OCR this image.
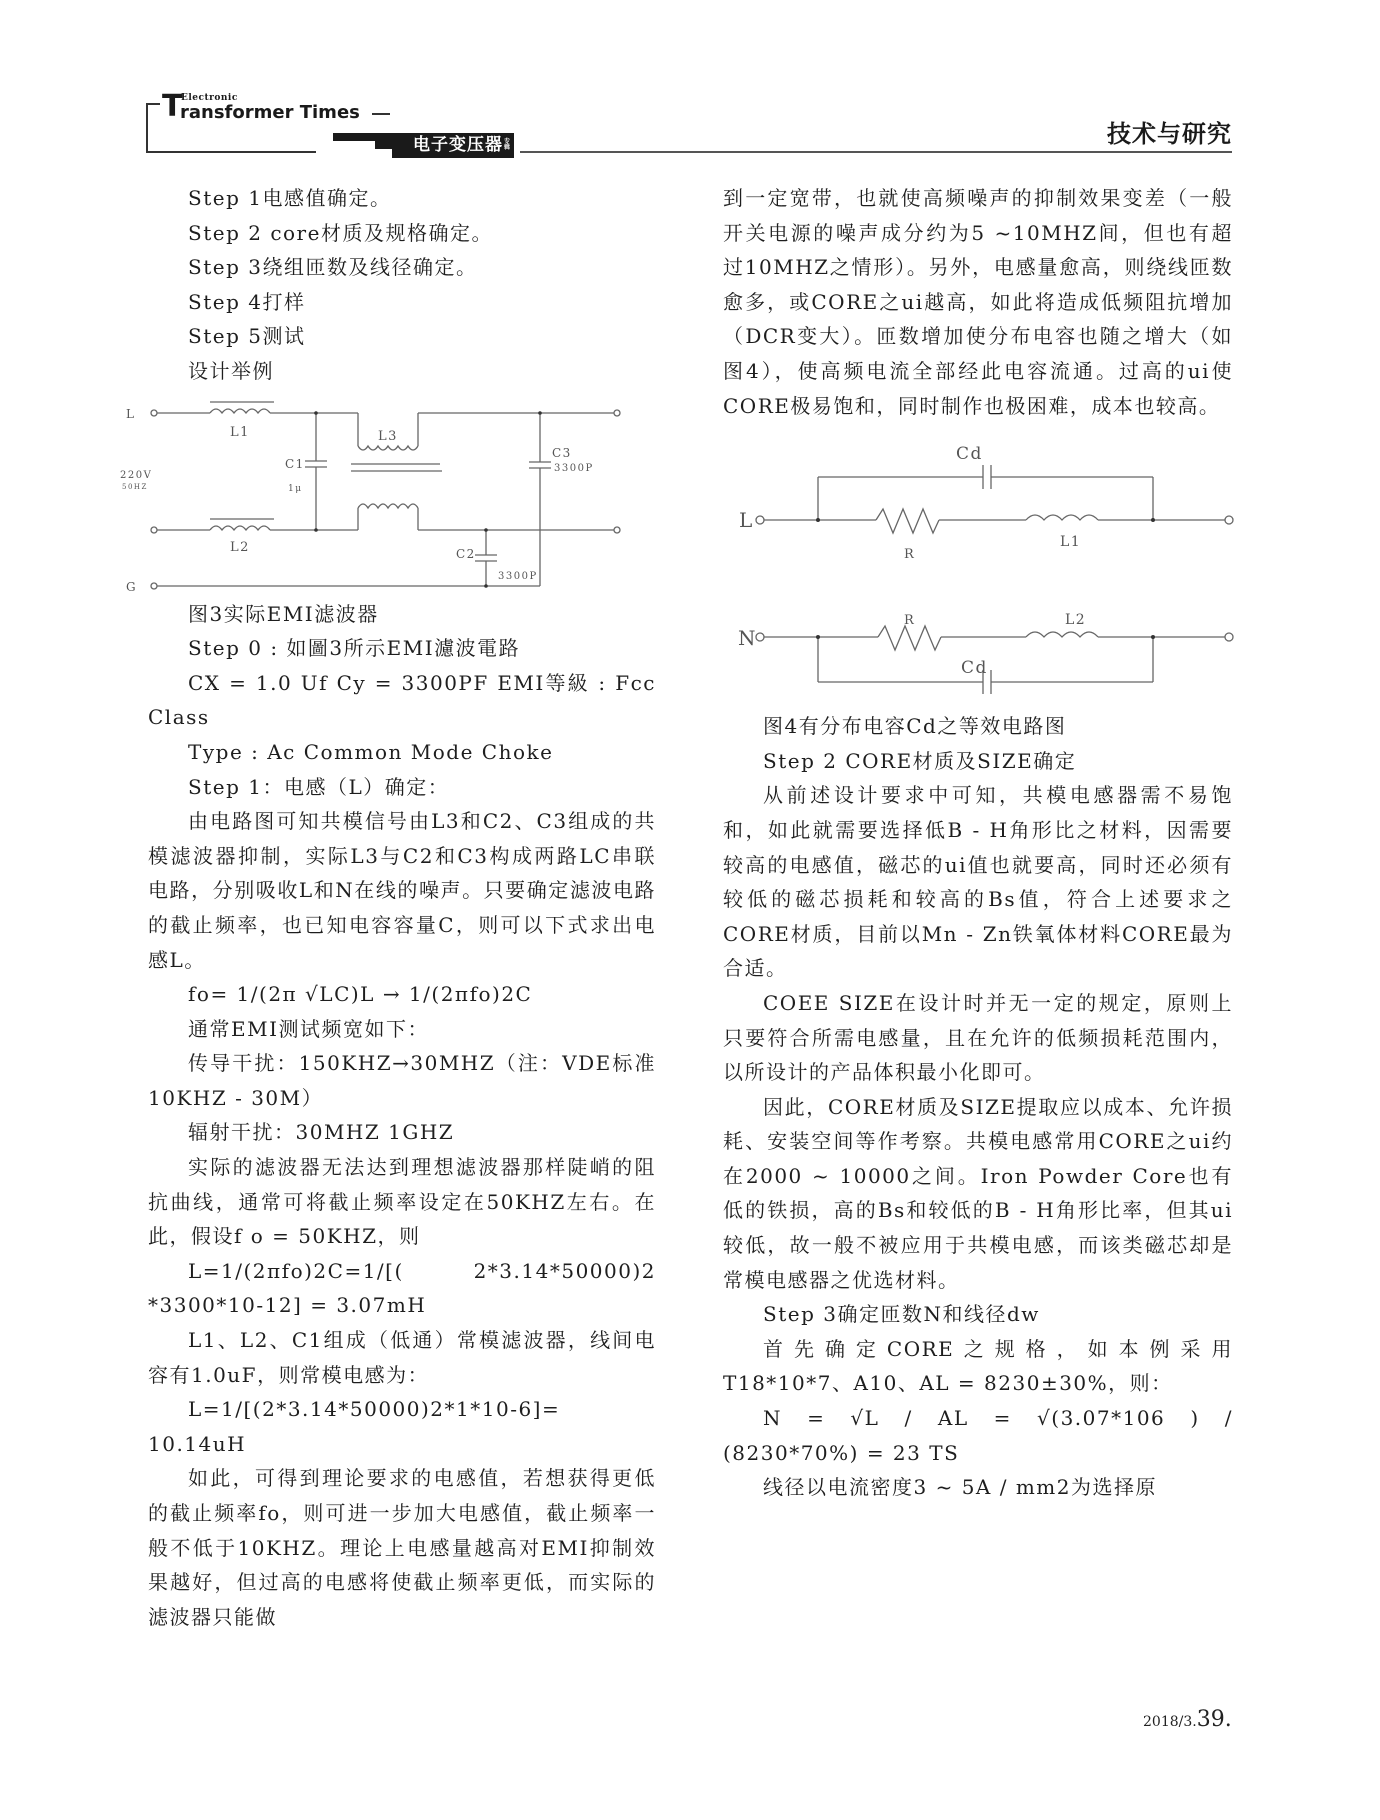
T
Electronic
ransformer Times
电子变压器专辑	技术与研究

Step 1电感值确定。

Step 2 core材质及规格确定。

Step 3绕组匝数及线径确定。

Step 4打样

Step 5测试

设计举例

L
G
220V
50HZ
L1
L2
L3
C1
1μ
C3
3300P
C2
3300P

图3实际EMI滤波器

Step 0 : 如圖3所示EMI濾波電路

CX = 1.0 Uf Cy = 3300PF EMI等級 : Fcc Class

Type : Ac Common Mode Choke

Step 1：电感（L）确定：

由电路图可知共模信号由L3和C2、C3组成的共模滤波器抑制，实际L3与C2和C3构成两路LC串联电路，分别吸收L和N在线的噪声。只要确定滤波电路的截止频率，也已知电容容量C，则可以下式求出电感L。

fo= 1/(2π √LC)L → 1/(2πfo)2C

通常EMI测试频宽如下：

传导干扰：150KHZ→30MHZ（注：VDE标准10KHZ - 30M）

辐射干扰：30MHZ 1GHZ

实际的滤波器无法达到理想滤波器那样陡峭的阻抗曲线，通常可将截止频率设定在50KHZ左右。在此，假设f o = 50KHZ，则

L=1/(2πfo)2C=1/[( 2*3.14*50000)2 *3300*10-12] = 3.07mH

L1、L2、C1组成（低通）常模滤波器，线间电容有1.0uF，则常模电感为：

L=1/[(2*3.14*50000)2*1*10-6]= 10.14uH

如此，可得到理论要求的电感值，若想获得更低的截止频率fo，则可进一步加大电感值，截止频率一般不低于10KHZ。理论上电感量越高对EMI抑制效果越好，但过高的电感将使截止频率更低，而实际的滤波器只能做

到一定宽带，也就使高频噪声的抑制效果变差（一般开关电源的噪声成分约为5 ~10MHZ间，但也有超过10MHZ之情形）。另外，电感量愈高，则绕线匝数愈多，或CORE之ui越高，如此将造成低频阻抗增加（DCR变大）。匝数增加使分布电容也随之增大（如图4），使高频电流全部经此电容流通。过高的ui使CORE极易饱和，同时制作也极困难，成本也较高。

L
N
Cd
Cd
R
R
L1
L2

图4有分布电容Cd之等效电路图

Step 2 CORE材质及SIZE确定

从前述设计要求中可知，共模电感器需不易饱和，如此就需要选择低B - H角形比之材料，因需要较高的电感值，磁芯的ui值也就要高，同时还必须有较低的磁芯损耗和较高的Bs值，符合上述要求之CORE材质，目前以Mn - Zn铁氧体材料CORE最为合适。

COEE SIZE在设计时并无一定的规定，原则上只要符合所需电感量，且在允许的低频损耗范围内，以所设计的产品体积最小化即可。

因此，CORE材质及SIZE提取应以成本、允许损耗、安装空间等作考察。共模电感常用CORE之ui约在2000 ~ 10000之间。Iron Powder Core也有低的铁损，高的Bs和较低的B - H角形比率，但其ui较低，故一般不被应用于共模电感，而该类磁芯却是常模电感器之优选材料。

Step 3确定匝数N和线径dw

首先确定CORE之规格，如本例采用T18*10*7、A10、AL = 8230±30%，则：

N = √L / AL = √(3.07*106 ) / (8230*70%) = 23 TS

线径以电流密度3 ~ 5A / mm2为选择原

2018/3.39.
